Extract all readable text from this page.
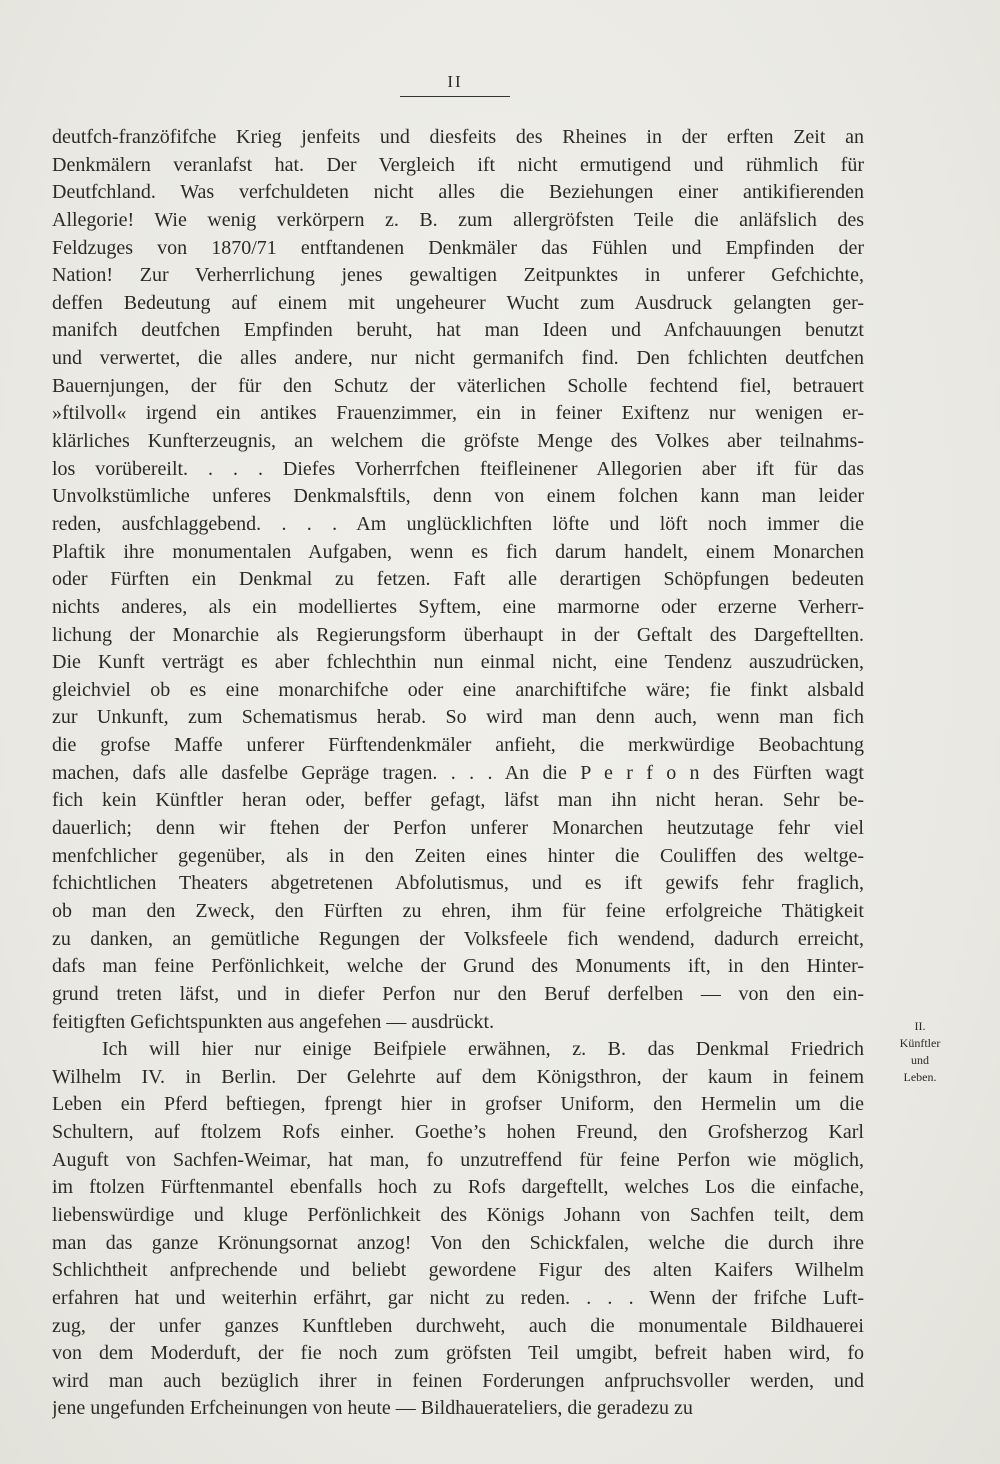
II
deutfch-franzöfifche Krieg jenfeits und diesfeits des Rheines in der erften Zeit an
Denkmälern veranlafst hat. Der Vergleich ift nicht ermutigend und rühmlich für
Deutfchland. Was verfchuldeten nicht alles die Beziehungen einer antikifierenden
Allegorie! Wie wenig verkörpern z. B. zum allergröfsten Teile die anläfslich des
Feldzuges von 1870/71 entftandenen Denkmäler das Fühlen und Empfinden der
Nation! Zur Verherrlichung jenes gewaltigen Zeitpunktes in unferer Gefchichte,
deffen Bedeutung auf einem mit ungeheurer Wucht zum Ausdruck gelangten ger-
manifch deutfchen Empfinden beruht, hat man Ideen und Anfchauungen benutzt
und verwertet, die alles andere, nur nicht germanifch find. Den fchlichten deutfchen
Bauernjungen, der für den Schutz der väterlichen Scholle fechtend fiel, betrauert
»ftilvoll« irgend ein antikes Frauenzimmer, ein in feiner Exiftenz nur wenigen er-
klärliches Kunfterzeugnis, an welchem die gröfste Menge des Volkes aber teilnahms-
los vorübereilt. . . . Diefes Vorherrfchen fteifleinener Allegorien aber ift für das
Unvolkstümliche unferes Denkmalsftils, denn von einem folchen kann man leider
reden, ausfchlaggebend. . . . Am unglücklichften löfte und löft noch immer die
Plaftik ihre monumentalen Aufgaben, wenn es fich darum handelt, einem Monarchen
oder Fürften ein Denkmal zu fetzen. Faft alle derartigen Schöpfungen bedeuten
nichts anderes, als ein modelliertes Syftem, eine marmorne oder erzerne Verherr-
lichung der Monarchie als Regierungsform überhaupt in der Geftalt des Dargeftellten.
Die Kunft verträgt es aber fchlechthin nun einmal nicht, eine Tendenz auszudrücken,
gleichviel ob es eine monarchifche oder eine anarchiftifche wäre; fie finkt alsbald
zur Unkunft, zum Schematismus herab. So wird man denn auch, wenn man fich
die grofse Maffe unferer Fürftendenkmäler anfieht, die merkwürdige Beobachtung
machen, dafs alle dasfelbe Gepräge tragen. . . . An die P e r f o n des Fürften wagt
fich kein Künftler heran oder, beffer gefagt, läfst man ihn nicht heran. Sehr be-
dauerlich; denn wir ftehen der Perfon unferer Monarchen heutzutage fehr viel
menfchlicher gegenüber, als in den Zeiten eines hinter die Couliffen des weltge-
fchichtlichen Theaters abgetretenen Abfolutismus, und es ift gewifs fehr fraglich,
ob man den Zweck, den Fürften zu ehren, ihm für feine erfolgreiche Thätigkeit
zu danken, an gemütliche Regungen der Volksfeele fich wendend, dadurch erreicht,
dafs man feine Perfönlichkeit, welche der Grund des Monuments ift, in den Hinter-
grund treten läfst, und in diefer Perfon nur den Beruf derfelben — von den ein-
feitigften Gefichtspunkten aus angefehen — ausdrückt.
Ich will hier nur einige Beifpiele erwähnen, z. B. das Denkmal Friedrich
Wilhelm IV. in Berlin. Der Gelehrte auf dem Königsthron, der kaum in feinem
Leben ein Pferd beftiegen, fprengt hier in grofser Uniform, den Hermelin um die
Schultern, auf ftolzem Rofs einher. Goethe’s hohen Freund, den Grofsherzog Karl
Auguft von Sachfen-Weimar, hat man, fo unzutreffend für feine Perfon wie möglich,
im ftolzen Fürftenmantel ebenfalls hoch zu Rofs dargeftellt, welches Los die einfache,
liebenswürdige und kluge Perfönlichkeit des Königs Johann von Sachfen teilt, dem
man das ganze Krönungsornat anzog! Von den Schickfalen, welche die durch ihre
Schlichtheit anfprechende und beliebt gewordene Figur des alten Kaifers Wilhelm
erfahren hat und weiterhin erfährt, gar nicht zu reden. . . . Wenn der frifche Luft-
zug, der unfer ganzes Kunftleben durchweht, auch die monumentale Bildhauerei
von dem Moderduft, der fie noch zum gröfsten Teil umgibt, befreit haben wird, fo
wird man auch bezüglich ihrer in feinen Forderungen anfpruchsvoller werden, und
jene ungefunden Erfcheinungen von heute — Bildhauerateliers, die geradezu zu
II.
Künftler
und
Leben.
